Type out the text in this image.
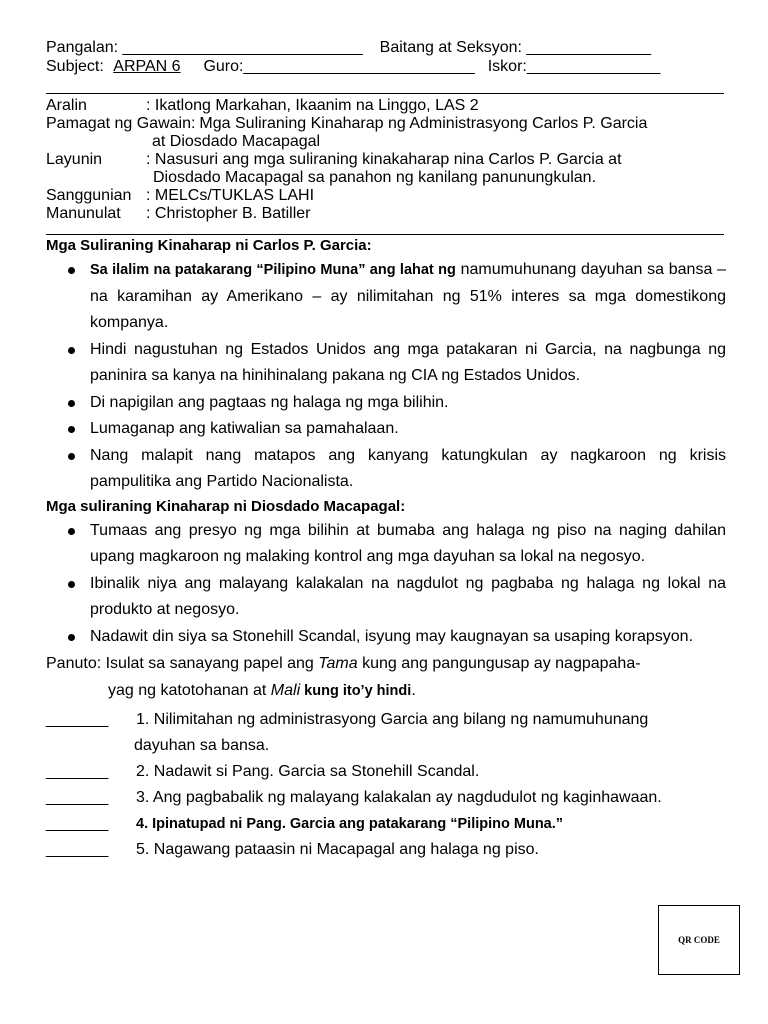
Pangalan: ___________________________ Baitang at Seksyon: ______________
Subject: ARPAN 6 Guro:__________________________ Iskor:_______________
Aralin	: Ikatlong Markahan, Ikaanim na Linggo, LAS 2
Pamagat ng Gawain: Mga Suliraning Kinaharap ng Administrasyong Carlos P. Garcia
at Diosdado Macapagal
Layunin	: Nasusuri ang mga suliraning kinakaharap nina Carlos P. Garcia at
Diosdado Macapagal sa panahon ng kanilang panunungkulan.
Sanggunian : MELCs/TUKLAS LAHI
Manunulat	: Christopher B. Batiller
Mga Suliraning Kinaharap ni Carlos P. Garcia:
Sa ilalim na patakarang “Pilipino Muna” ang lahat ng namumuhunang dayuhan sa bansa – na karamihan ay Amerikano – ay nilimitahan ng 51% interes sa mga domestikong kompanya.
Hindi nagustuhan ng Estados Unidos ang mga patakaran ni Garcia, na nagbunga ng paninira sa kanya na hinihinalang pakana ng CIA ng Estados Unidos.
Di napigilan ang pagtaas ng halaga ng mga bilihin.
Lumaganap ang katiwalian sa pamahalaan.
Nang malapit nang matapos ang kanyang katungkulan ay nagkaroon ng krisis pampulitika ang Partido Nacionalista.
Mga suliraning Kinaharap ni Diosdado Macapagal:
Tumaas ang presyo ng mga bilihin at bumaba ang halaga ng piso na naging dahilan upang magkaroon ng malaking kontrol ang mga dayuhan sa lokal na negosyo.
Ibinalik niya ang malayang kalakalan na nagdulot ng pagbaba ng halaga ng lokal na produkto at negosyo.
Nadawit din siya sa Stonehill Scandal, isyung may kaugnayan sa usaping korapsyon.
Panuto: Isulat sa sanayang papel ang Tama kung ang pangungusap ay nagpapaha-
yag ng katotohanan at Mali kung ito’y hindi.
_______	1. Nilimitahan ng administrasyong Garcia ang bilang ng namumuhunang
dayuhan sa bansa.
_______	2. Nadawit si Pang. Garcia sa Stonehill Scandal.
_______	3. Ang pagbabalik ng malayang kalakalan ay nagdudulot ng kaginhawaan.
_______	4. Ipinatupad ni Pang. Garcia ang patakarang “Pilipino Muna.”
_______	5. Nagawang pataasin ni Macapagal ang halaga ng piso.
QR CODE
